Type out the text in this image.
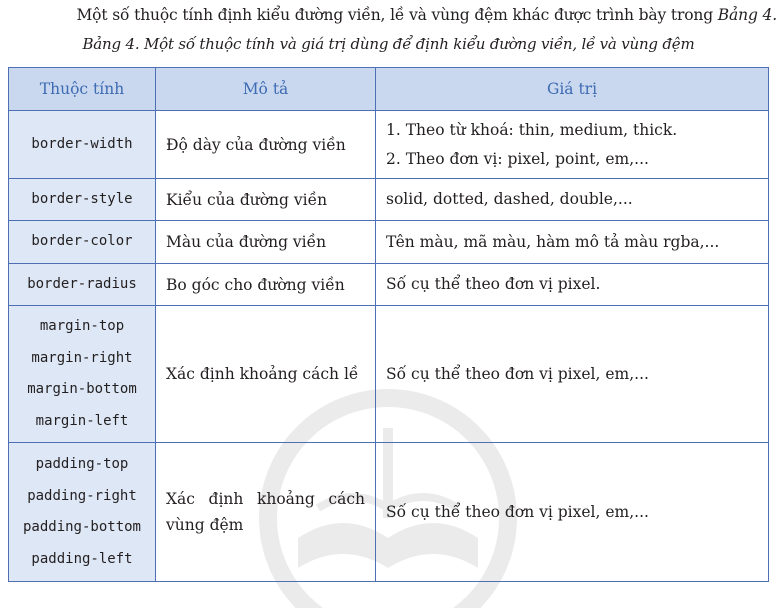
Một số thuộc tính định kiểu đường viền, lề và vùng đệm khác được trình bày trong Bảng 4.
Bảng 4. Một số thuộc tính và giá trị dùng để định kiểu đường viền, lề và vùng đệm
Thuộc tính	Mô tả	Giá trị

border-width	Độ dày của đường viền	1. Theo từ khoá: thin, medium, thick.
2. Theo đơn vị: pixel, point, em,...

border-style	Kiểu của đường viền	solid, dotted, dashed, double,...

border-color	Màu của đường viền	Tên màu, mã màu, hàm mô tả màu rgba,...

border-radius	Bo góc cho đường viền	Số cụ thể theo đơn vị pixel.

margin-top
margin-right
margin-bottom
margin-left	Xác định khoảng cách lề	Số cụ thể theo đơn vị pixel, em,...

padding-top
padding-right
padding-bottom
padding-left	Xác định khoảng cách vùng đệm	Số cụ thể theo đơn vị pixel, em,...
